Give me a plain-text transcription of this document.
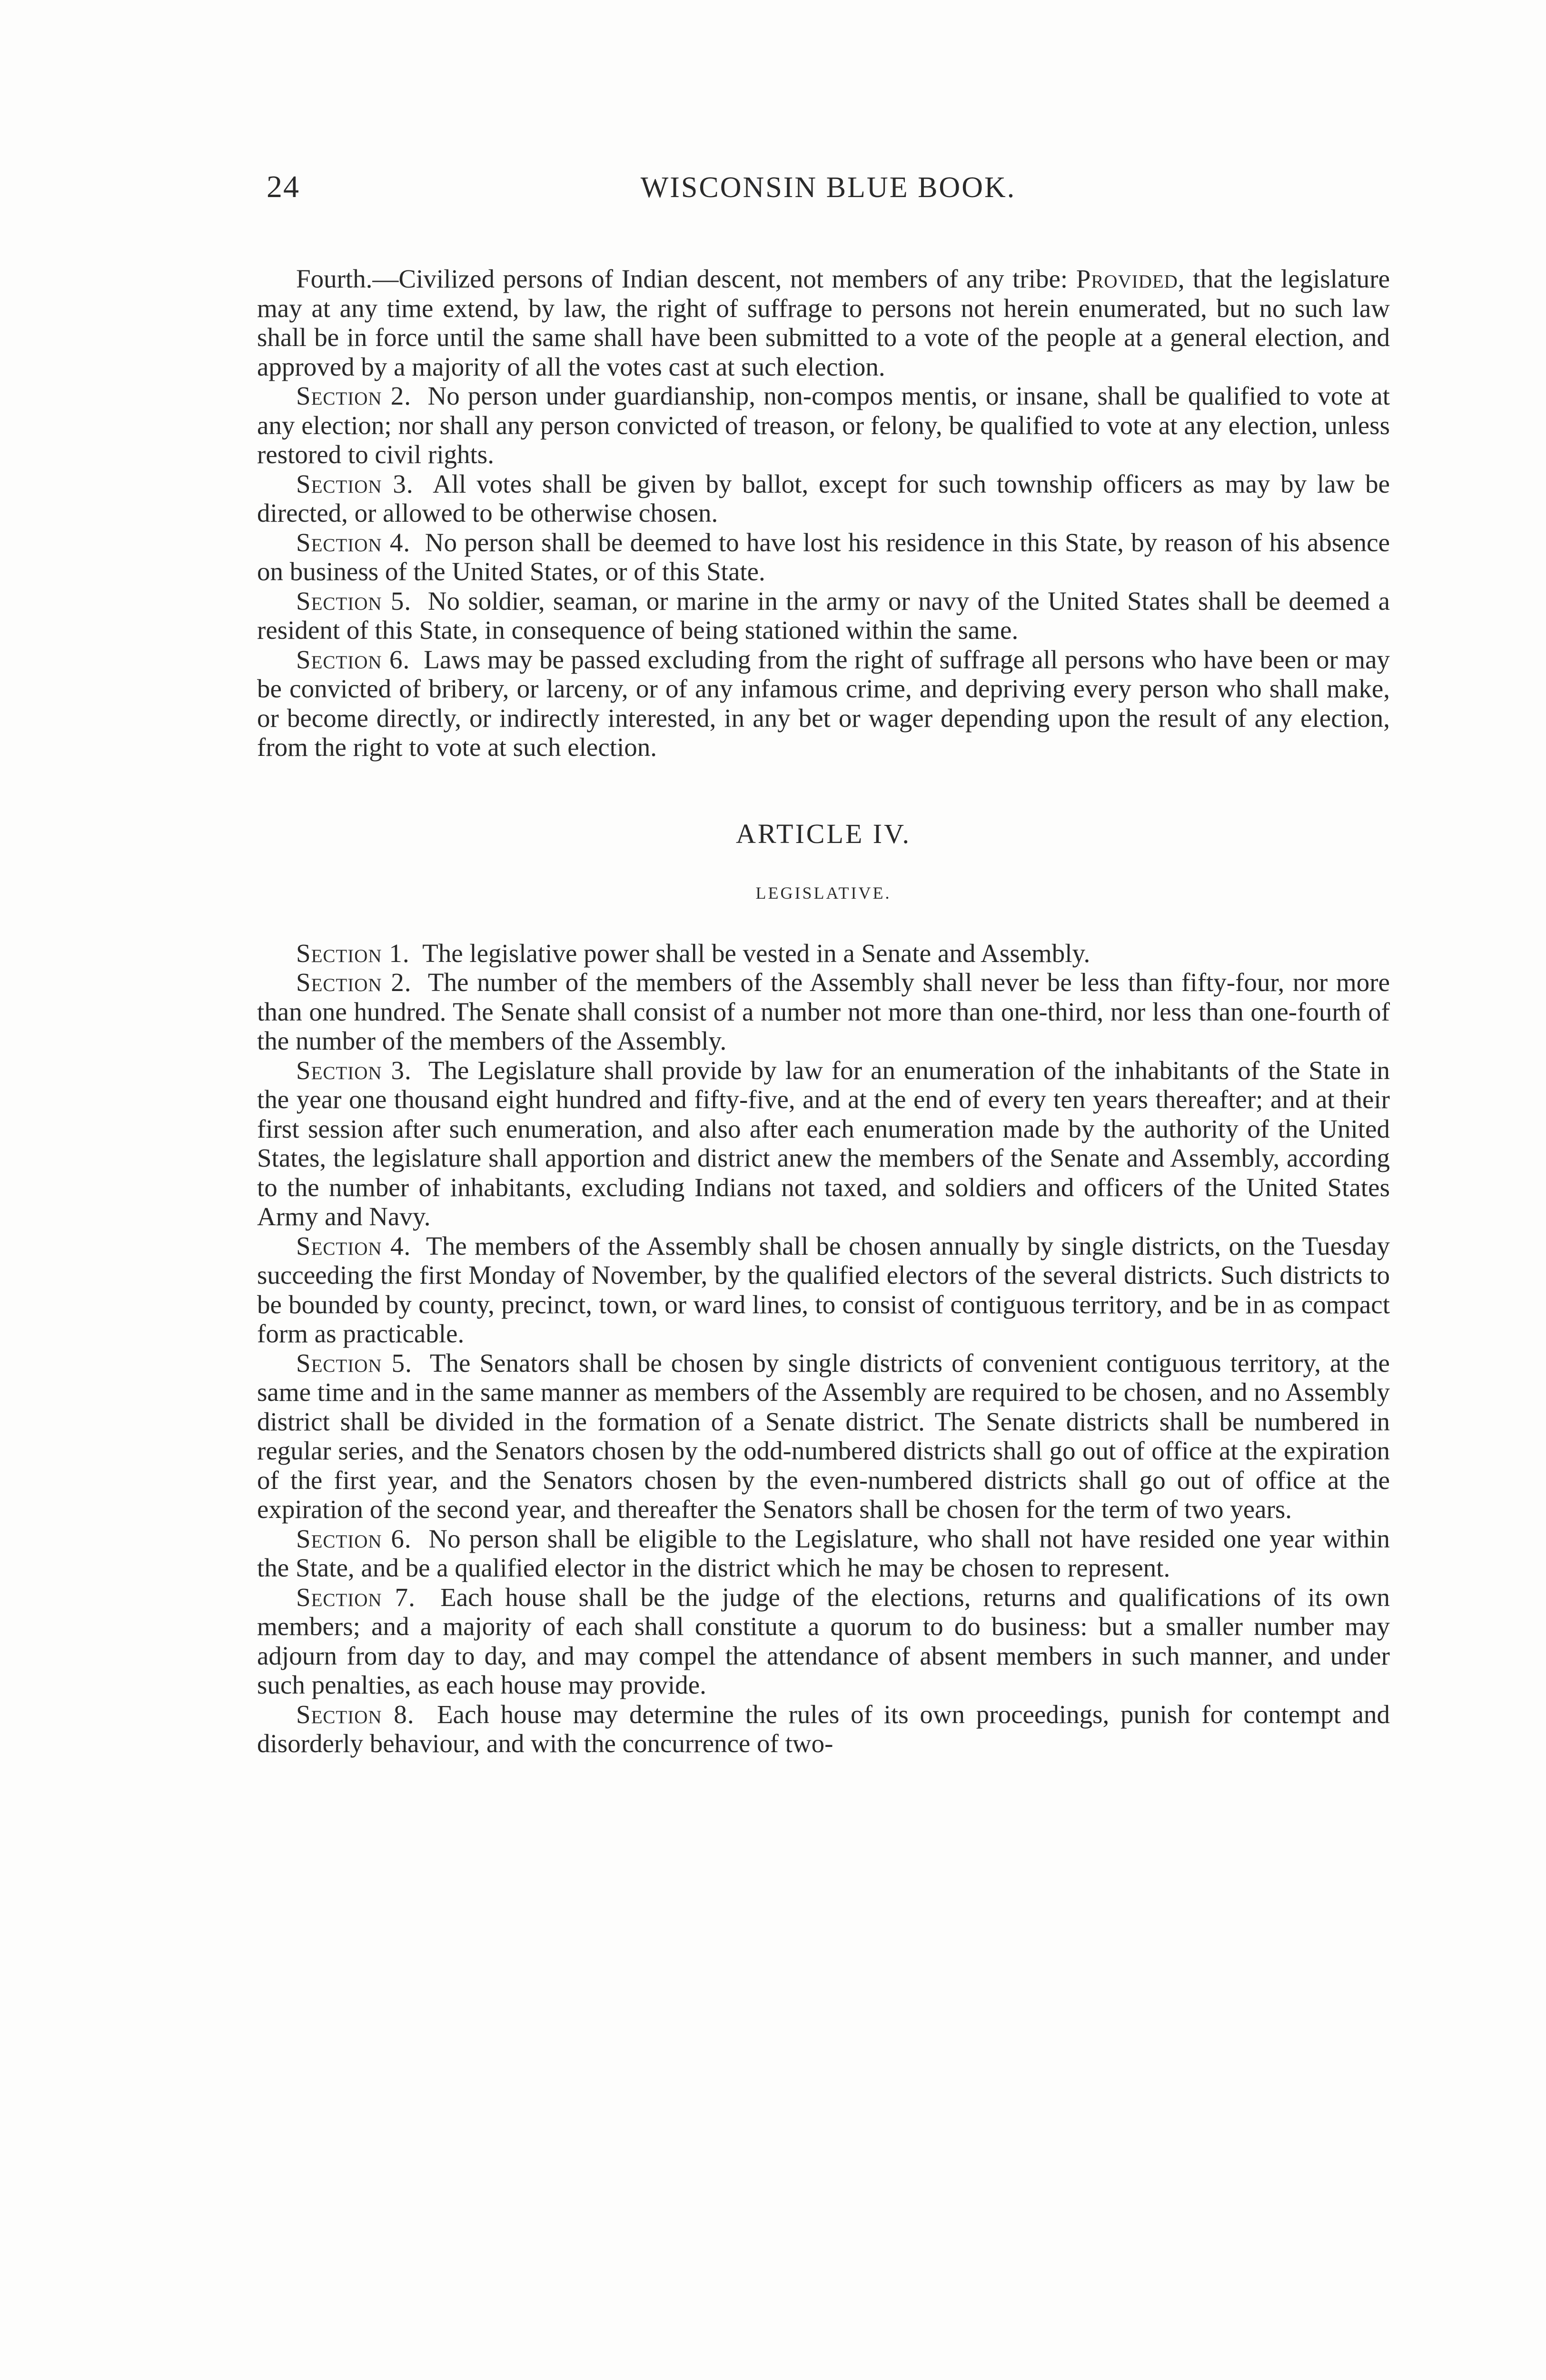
24	WISCONSIN BLUE BOOK.

Fourth.—Civilized persons of Indian descent, not members of any tribe: Provided, that the legislature may at any time extend, by law, the right of suffrage to persons not herein enumerated, but no such law shall be in force until the same shall have been submitted to a vote of the people at a general election, and approved by a majority of all the votes cast at such election.

Section 2. No person under guardianship, non-compos mentis, or insane, shall be qualified to vote at any election; nor shall any person convicted of treason, or felony, be qualified to vote at any election, unless restored to civil rights.

Section 3. All votes shall be given by ballot, except for such township officers as may by law be directed, or allowed to be otherwise chosen.

Section 4. No person shall be deemed to have lost his residence in this State, by reason of his absence on business of the United States, or of this State.

Section 5. No soldier, seaman, or marine in the army or navy of the United States shall be deemed a resident of this State, in consequence of being stationed within the same.

Section 6. Laws may be passed excluding from the right of suffrage all persons who have been or may be convicted of bribery, or larceny, or of any infamous crime, and depriving every person who shall make, or become directly, or indirectly interested, in any bet or wager depending upon the result of any election, from the right to vote at such election.

ARTICLE IV.

LEGISLATIVE.

Section 1. The legislative power shall be vested in a Senate and Assembly.

Section 2. The number of the members of the Assembly shall never be less than fifty-four, nor more than one hundred. The Senate shall consist of a number not more than one-third, nor less than one-fourth of the number of the members of the Assembly.

Section 3. The Legislature shall provide by law for an enumeration of the inhabitants of the State in the year one thousand eight hundred and fifty-five, and at the end of every ten years thereafter; and at their first session after such enumeration, and also after each enumeration made by the authority of the United States, the legislature shall apportion and district anew the members of the Senate and Assembly, according to the number of inhabitants, excluding Indians not taxed, and soldiers and officers of the United States Army and Navy.

Section 4. The members of the Assembly shall be chosen annually by single districts, on the Tuesday succeeding the first Monday of November, by the qualified electors of the several districts. Such districts to be bounded by county, precinct, town, or ward lines, to consist of contiguous territory, and be in as compact form as practicable.

Section 5. The Senators shall be chosen by single districts of convenient contiguous territory, at the same time and in the same manner as members of the Assembly are required to be chosen, and no Assembly district shall be divided in the formation of a Senate district. The Senate districts shall be numbered in regular series, and the Senators chosen by the odd-numbered districts shall go out of office at the expiration of the first year, and the Senators chosen by the even-numbered districts shall go out of office at the expiration of the second year, and thereafter the Senators shall be chosen for the term of two years.

Section 6. No person shall be eligible to the Legislature, who shall not have resided one year within the State, and be a qualified elector in the district which he may be chosen to represent.

Section 7. Each house shall be the judge of the elections, returns and qualifications of its own members; and a majority of each shall constitute a quorum to do business: but a smaller number may adjourn from day to day, and may compel the attendance of absent members in such manner, and under such penalties, as each house may provide.

Section 8. Each house may determine the rules of its own proceedings, punish for contempt and disorderly behaviour, and with the concurrence of two-
